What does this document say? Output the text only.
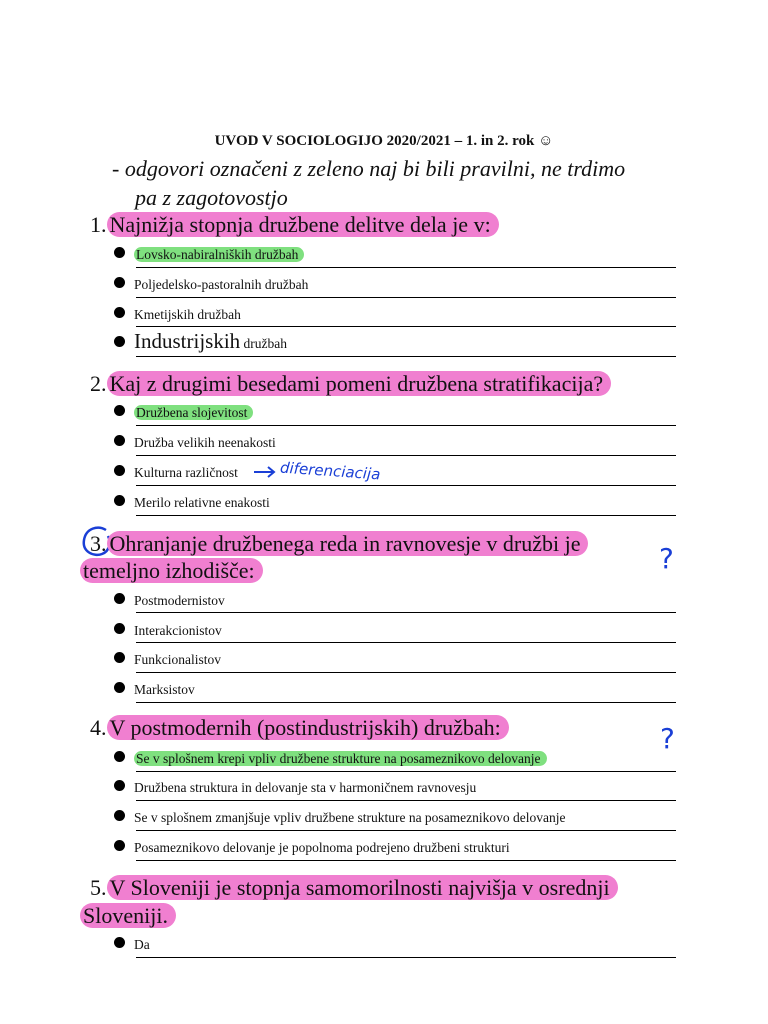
UVOD V SOCIOLOGIJO 2020/2021 – 1. in 2. rok ☺
- odgovori označeni z zeleno naj bi bili pravilni, ne trdimo
pa z zagotovostjo
1. Najnižja stopnja družbene delitve dela je v:
Lovsko-nabiralniških družbah
Poljedelsko-pastoralnih družbah
Kmetijskih družbah
Industrijskih družbah
2. Kaj z drugimi besedami pomeni družbena stratifikacija?
Družbena slojevitost
Družba velikih neenakosti
Kulturna različnost	diferenciacija
Merilo relativne enakosti
3. Ohranjanje družbenega reda in ravnovesje v družbi je
temeljno izhodišče:	?
Postmodernistov
Interakcionistov
Funkcionalistov
Marksistov
4. V postmodernih (postindustrijskih) družbah:	?
Se v splošnem krepi vpliv družbene strukture na posameznikovo delovanje
Družbena struktura in delovanje sta v harmoničnem ravnovesju
Se v splošnem zmanjšuje vpliv družbene strukture na posameznikovo delovanje
Posameznikovo delovanje je popolnoma podrejeno družbeni strukturi
5. V Sloveniji je stopnja samomorilnosti najvišja v osrednji
Sloveniji.
Da
